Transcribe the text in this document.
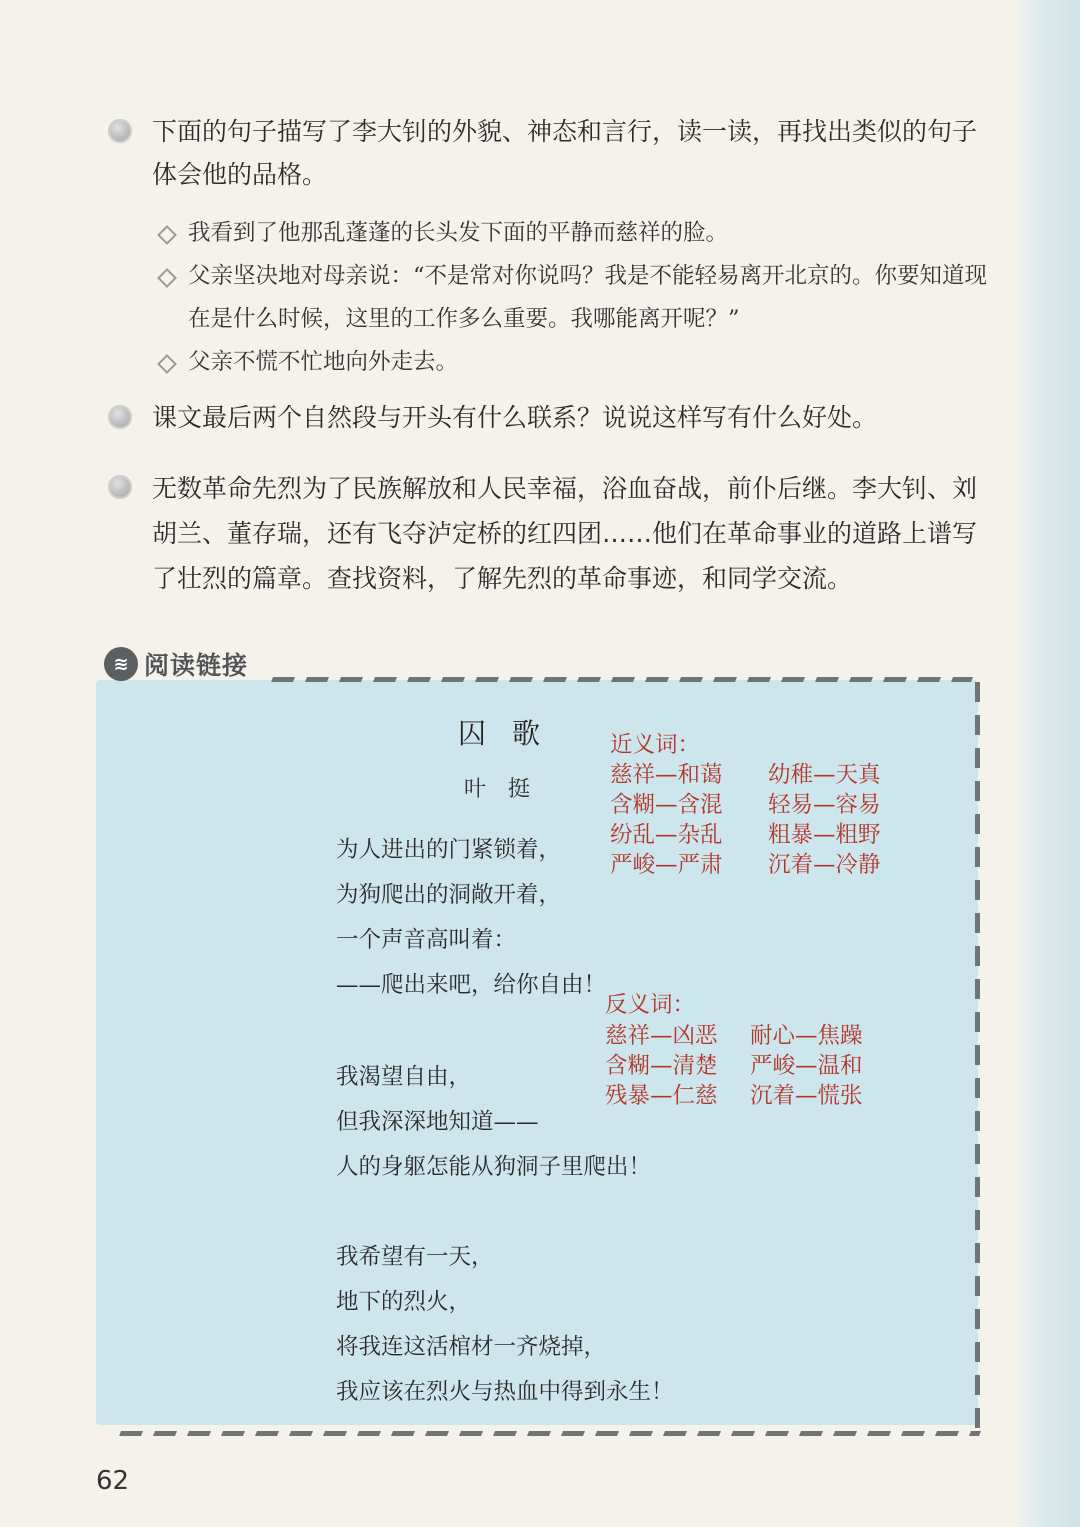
下面的句子描写了李大钊的外貌、神态和言行，读一读，再找出类似的句子体会他的品格。
我看到了他那乱蓬蓬的长头发下面的平静而慈祥的脸。
父亲坚决地对母亲说：“不是常对你说吗？我是不能轻易离开北京的。你要知道现在是什么时候，这里的工作多么重要。我哪能离开呢？”
父亲不慌不忙地向外走去。
课文最后两个自然段与开头有什么联系？说说这样写有什么好处。
无数革命先烈为了民族解放和人民幸福，浴血奋战，前仆后继。李大钊、刘胡兰、董存瑞，还有飞夺泸定桥的红四团……他们在革命事业的道路上谱写了壮烈的篇章。查找资料，了解先烈的革命事迹，和同学交流。
≋ 阅读链接
囚歌
叶挺
为人进出的门紧锁着，
为狗爬出的洞敞开着，
一个声音高叫着：
——爬出来吧，给你自由！
我渴望自由，
但我深深地知道——
人的身躯怎能从狗洞子里爬出！
我希望有一天，
地下的烈火，
将我连这活棺材一齐烧掉，
我应该在烈火与热血中得到永生！
近义词：
慈祥—和蔼 幼稚—天真
含糊—含混 轻易—容易
纷乱—杂乱 粗暴—粗野
严峻—严肃 沉着—冷静
反义词：
慈祥—凶恶 耐心—焦躁
含糊—清楚 严峻—温和
残暴—仁慈 沉着—慌张
62
